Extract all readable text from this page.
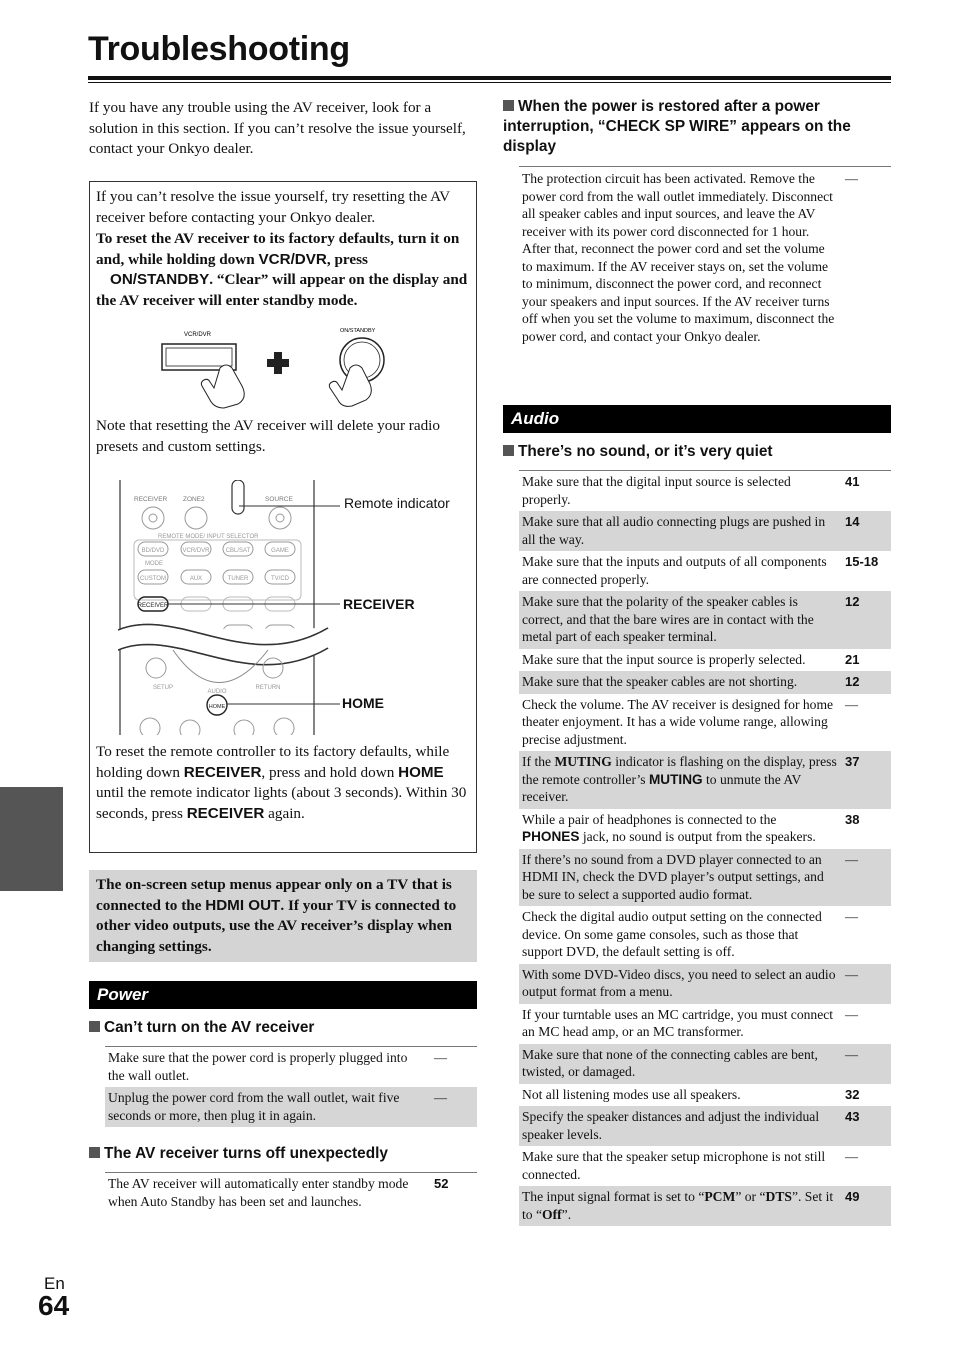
Troubleshooting
If you have any trouble using the AV receiver, look for a solution in this section. If you can’t resolve the issue yourself, contact your Onkyo dealer.
If you can’t resolve the issue yourself, try resetting the AV receiver before contacting your Onkyo dealer.
To reset the AV receiver to its factory defaults, turn it on and, while holding down VCR/DVR, press
ON/STANDBY. “Clear” will appear on the display and the AV receiver will enter standby mode.
VCR/DVR
ON/STANDBY
Note that resetting the AV receiver will delete your radio presets and custom settings.
RECEIVER ZONE2	SOURCE
REMOTE MODE/ INPUT SELECTOR
BD/DVD	VCR/DVR	CBL/SAT	GAME
MODE
CUSTOM	AUX	TUNER	TV/CD
RECEIVER
SETUP
AUDIO
RETURN
HOME
Remote indicator
RECEIVER
HOME
To reset the remote controller to its factory defaults, while holding down RECEIVER, press and hold down HOME until the remote indicator lights (about 3 seconds). Within 30 seconds, press RECEIVER again.
The on-screen setup menus appear only on a TV that is connected to the HDMI OUT. If your TV is connected to other video outputs, use the AV receiver’s display when changing settings.
Power
Can’t turn on the AV receiver
Make sure that the power cord is properly plugged into the wall outlet.	—
Unplug the power cord from the wall outlet, wait five seconds or more, then plug it in again.	—
The AV receiver turns off unexpectedly
The AV receiver will automatically enter standby mode when Auto Standby has been set and launches.	52
When the power is restored after a power interruption, “CHECK SP WIRE” appears on the display
The protection circuit has been activated. Remove the power cord from the wall outlet immediately. Disconnect all speaker cables and input sources, and leave the AV receiver with its power cord disconnected for 1 hour. After that, reconnect the power cord and set the volume to maximum. If the AV receiver stays on, set the volume to minimum, disconnect the power cord, and reconnect your speakers and input sources. If the AV receiver turns off when you set the volume to maximum, disconnect the power cord, and contact your Onkyo dealer.	—
Audio
There’s no sound, or it’s very quiet
Make sure that the digital input source is selected properly.	41
Make sure that all audio connecting plugs are pushed in all the way.	14
Make sure that the inputs and outputs of all components are connected properly.	15-18
Make sure that the polarity of the speaker cables is correct, and that the bare wires are in contact with the metal part of each speaker terminal.	12
Make sure that the input source is properly selected.	21
Make sure that the speaker cables are not shorting.	12
Check the volume. The AV receiver is designed for home theater enjoyment. It has a wide volume range, allowing precise adjustment.	—
If the MUTING indicator is flashing on the display, press the remote controller’s MUTING to unmute the AV receiver.	37
While a pair of headphones is connected to the PHONES jack, no sound is output from the speakers.	38
If there’s no sound from a DVD player connected to an HDMI IN, check the DVD player’s output settings, and be sure to select a supported audio format.	—
Check the digital audio output setting on the connected device. On some game consoles, such as those that support DVD, the default setting is off.	—
With some DVD-Video discs, you need to select an audio output format from a menu.	—
If your turntable uses an MC cartridge, you must connect an MC head amp, or an MC transformer.	—
Make sure that none of the connecting cables are bent, twisted, or damaged.	—
Not all listening modes use all speakers.	32
Specify the speaker distances and adjust the individual speaker levels.	43
Make sure that the speaker setup microphone is not still connected.	—
The input signal format is set to “PCM” or “DTS”. Set it to “Off”.	49
En
64
